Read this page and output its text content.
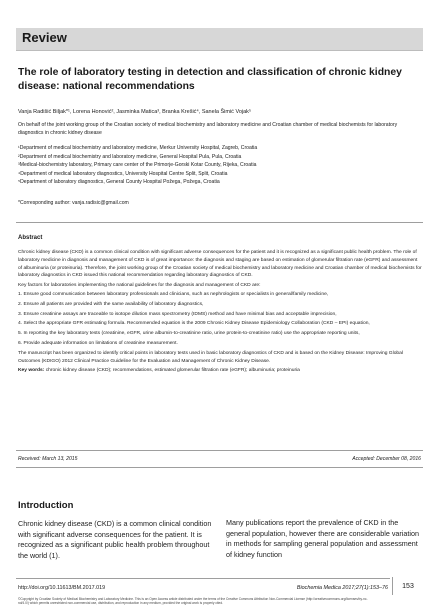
Review
The role of laboratory testing in detection and classification of chronic kidney disease: national recommendations
Vanja Radišić Biljak*¹, Lorena Honović², Jasminka Matica³, Branka Krešić⁴, Sanela Šimić Vojak⁵
On behalf of the joint working group of the Croatian society of medical biochemistry and laboratory medicine and Croatian chamber of medical biochemists for laboratory diagnostics in chronic kidney disease
¹Department of medical biochemistry and laboratory medicine, Merkur University Hospital, Zagreb, Croatia
²Department of medical biochemistry and laboratory medicine, General Hospital Pula, Pula, Croatia
³Medical-biochemistry laboratory, Primary care center of the Primorje-Gorski Kotar County, Rijeka, Croatia
⁴Department of medical laboratory diagnostics, University Hospital Centre Split, Split, Croatia
⁵Department of laboratory diagnostics, General County Hospital Požega, Požega, Croatia
*Corresponding author: vanja.radisic@gmail.com
Abstract

Chronic kidney disease (CKD) is a common clinical condition with significant adverse consequences for the patient and it is recognized as a significant public health problem. The role of laboratory medicine in diagnosis and management of CKD is of great importance: the diagnosis and staging are based on estimation of glomerular filtration rate (eGFR) and assessment of albuminuria (or proteinuria). Therefore, the joint working group of the Croatian society of medical biochemistry and laboratory medicine and Croatian chamber of medical biochemists for laboratory diagnostics in CKD issued this national recommendation regarding laboratory diagnostics of CKD.

Key factors for laboratories implementing the national guidelines for the diagnosis and management of CKD are:

1. Ensure good communication between laboratory professionals and clinicians, such as nephrologists or specialists in general/family medicine,

2. Ensure all patients are provided with the same availability of laboratory diagnostics,

3. Ensure creatinine assays are traceable to isotope dilution mass spectrometry (IDMS) method and have minimal bias and acceptable imprecision,

4. Select the appropriate GFR estimating formula. Recommended equation is the 2009 Chronic Kidney Disease Epidemiology Collaboration (CKD – EPI) equation,

5. In reporting the key laboratory tests (creatinine, eGFR, urine albumin-to-creatinine ratio, urine protein-to-creatinine ratio) use the appropriate reporting units,

6. Provide adequate information on limitations of creatinine measurement.

The manuscript has been organized to identify critical points in laboratory tests used in basic laboratory diagnostics of CKD and is based on the Kidney Disease: Improving Global Outcomes (KDIGO) 2012 Clinical Practice Guideline for the Evaluation and Management of Chronic Kidney Disease.

Key words: chronic kidney disease (CKD); recommendations, estimated glomerular filtration rate (eGFR); albuminuria; proteinuria

Received: March 13, 2015	Accepted: December 08, 2016
Introduction
Chronic kidney disease (CKD) is a common clinical condition with significant adverse consequences for the patient. It is recognized as a significant public health problem throughout the world (1).
Many publications report the prevalence of CKD in the general population, however there are considerable variation in methods for sampling general population and assessment of kidney function
http://doi.org/10.11613/BM.2017.019	Biochemia Medica 2017;27(1):153–76	153
©Copyright by Croatian Society of Medical Biochemistry and Laboratory Medicine. This is an Open Access article distributed under the terms of the Creative Commons Attribution Non-Commercial License (http://creativecommons.org/licenses/by-nc-nd/4.0/) which permits unrestricted non-commercial use, distribution, and reproduction in any medium, provided the original work is properly cited.
